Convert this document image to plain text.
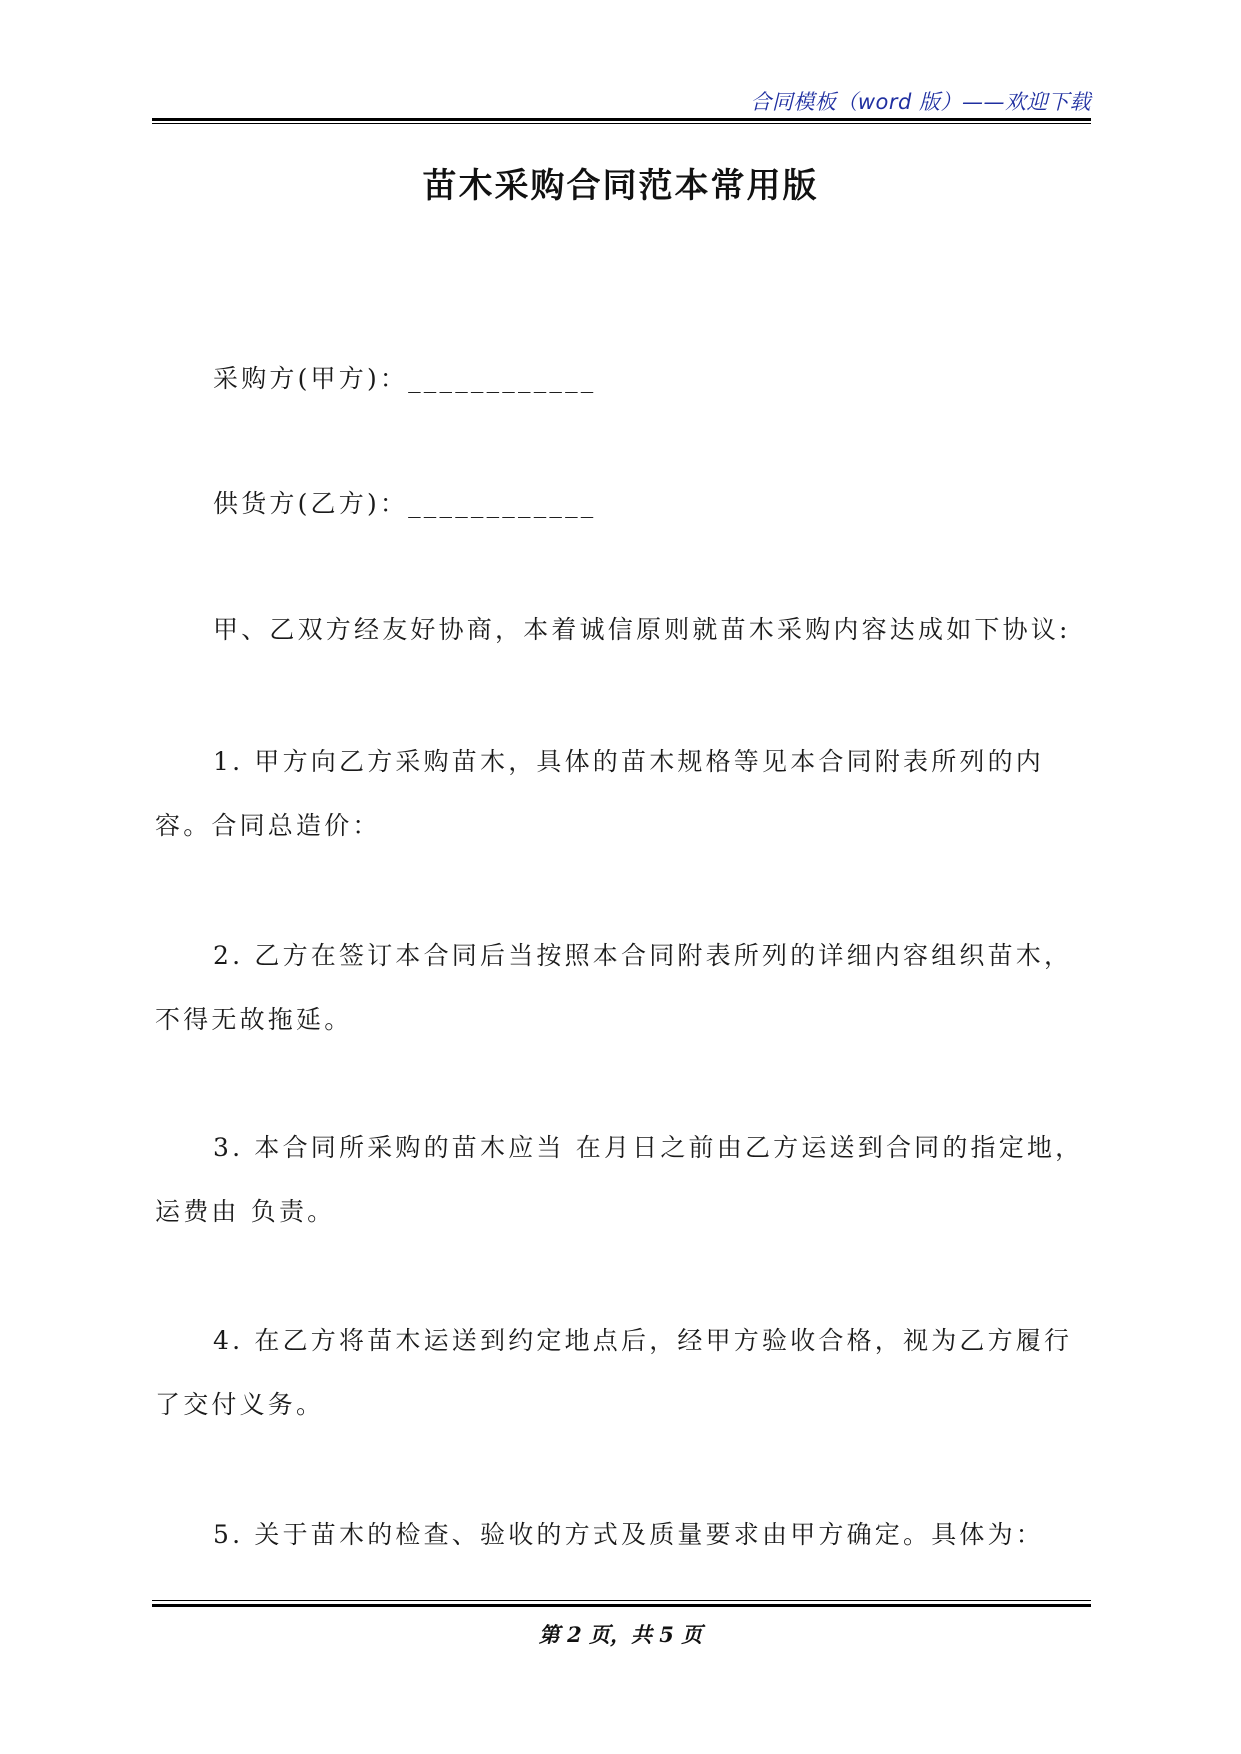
合同模板（word 版）——欢迎下载
苗木采购合同范本常用版
采购方(甲方)：____________
供货方(乙方)：____________
甲、乙双方经友好协商，本着诚信原则就苗木采购内容达成如下协议:
1. 甲方向乙方采购苗木，具体的苗木规格等见本合同附表所列的内容。合同总造价：
2. 乙方在签订本合同后当按照本合同附表所列的详细内容组织苗木，不得无故拖延。
3. 本合同所采购的苗木应当 在月日之前由乙方运送到合同的指定地，运费由 负责。
4. 在乙方将苗木运送到约定地点后，经甲方验收合格，视为乙方履行了交付义务。
5. 关于苗木的检查、验收的方式及质量要求由甲方确定。具体为：
第 2 页，共 5 页
